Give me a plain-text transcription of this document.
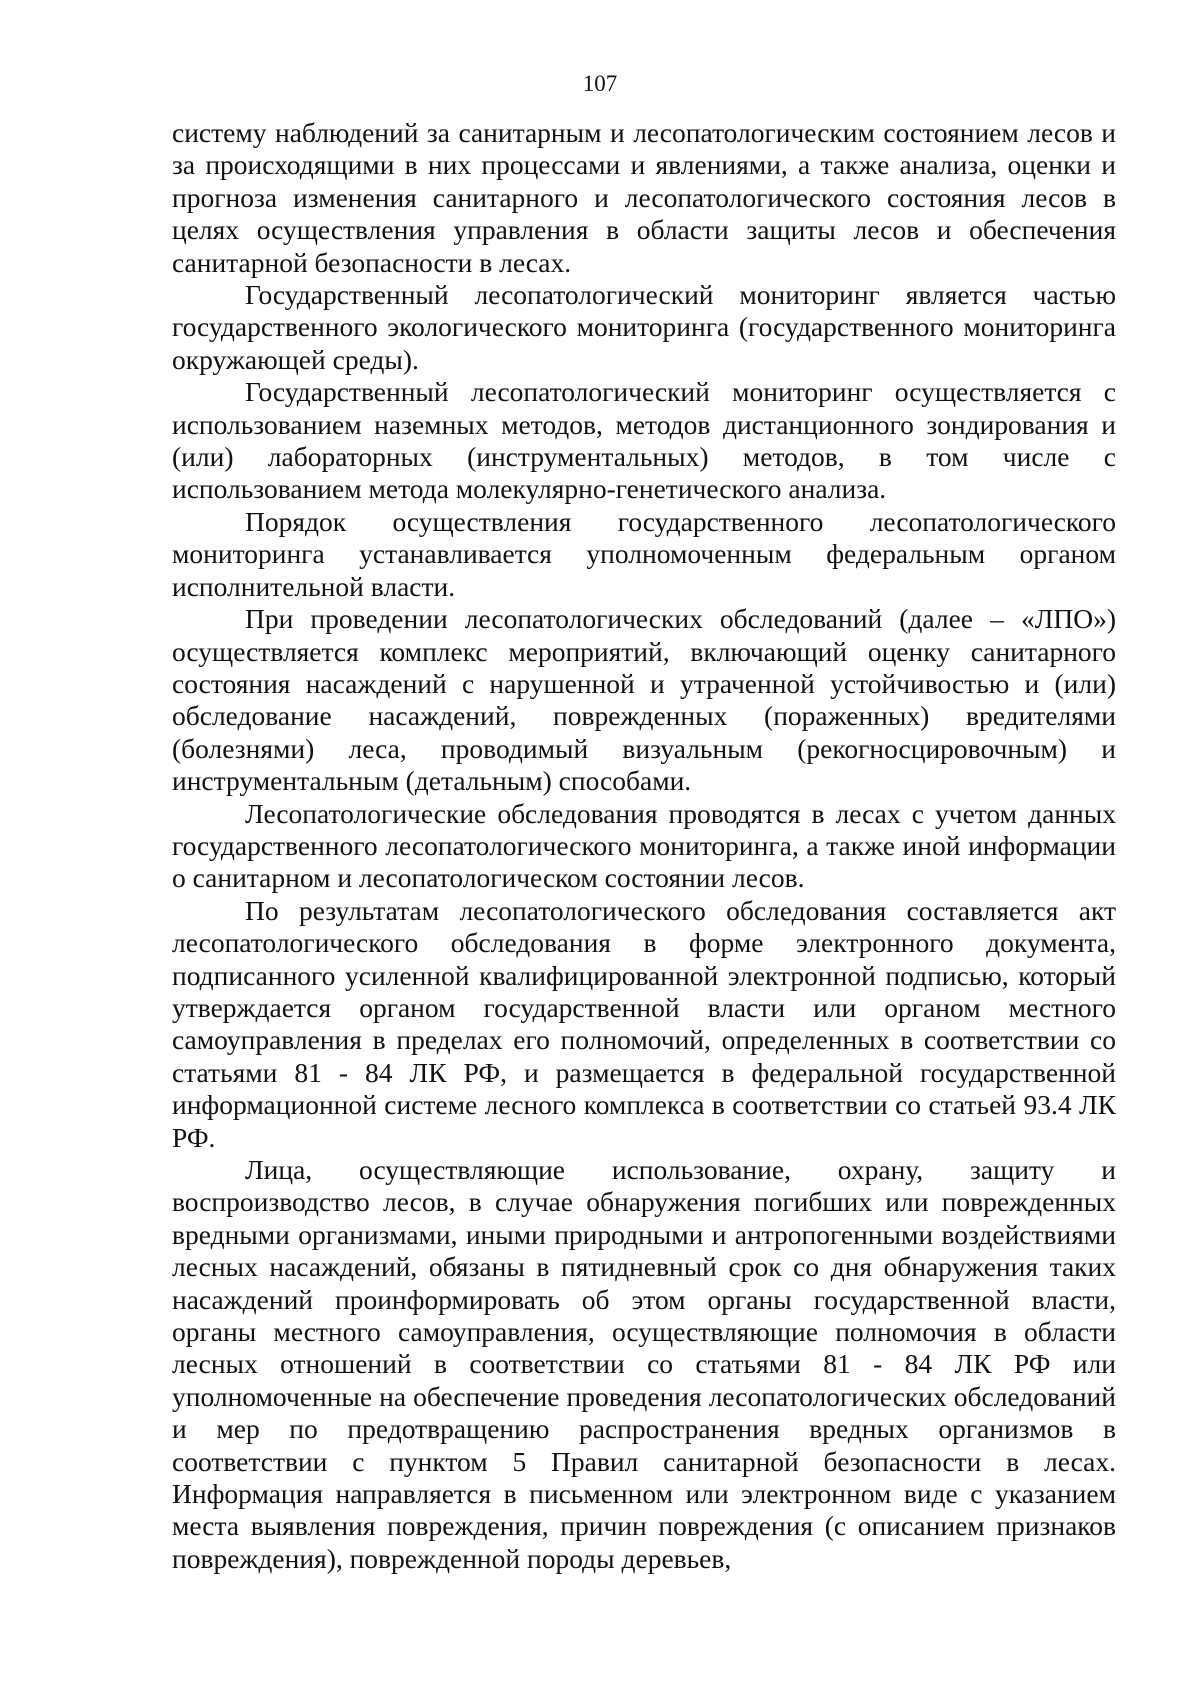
107

системy наблюдений за санитарным и лесопатологическим состоянием лесов и за происходящими в них процессами и явлениями, а также анализа, оценки и прогноза изменения санитарного и лесопатологического состояния лесов в целях осуществления управления в области защиты лесов и обеспечения санитарной безопасности в лесах.

Государственный лесопатологический мониторинг является частью государственного экологического мониторинга (государственного мониторинга окружающей среды).

Государственный лесопатологический мониторинг осуществляется с использованием наземных методов, методов дистанционного зондирования и (или) лабораторных (инструментальных) методов, в том числе с использованием метода молекулярно-генетического анализа.

Порядок осуществления государственного лесопатологического мониторинга устанавливается уполномоченным федеральным органом исполнительной власти.

При проведении лесопатологических обследований (далее – «ЛПО») осуществляется комплекс мероприятий, включающий оценку санитарного состояния насаждений с нарушенной и утраченной устойчивостью и (или) обследование насаждений, поврежденных (пораженных) вредителями (болезнями) леса, проводимый визуальным (рекогносцировочным) и инструментальным (детальным) способами.

Лесопатологические обследования проводятся в лесах с учетом данных государственного лесопатологического мониторинга, а также иной информации о санитарном и лесопатологическом состоянии лесов.

По результатам лесопатологического обследования составляется акт лесопатологического обследования в форме электронного документа, подписанного усиленной квалифицированной электронной подписью, который утверждается органом государственной власти или органом местного самоуправления в пределах его полномочий, определенных в соответствии со статьями 81 - 84 ЛК РФ, и размещается в федеральной государственной информационной системе лесного комплекса в соответствии со статьей 93.4 ЛК РФ.

Лица, осуществляющие использование, охрану, защиту и воспроизводство лесов, в случае обнаружения погибших или поврежденных вредными организмами, иными природными и антропогенными воздействиями лесных насаждений, обязаны в пятидневный срок со дня обнаружения таких насаждений проинформировать об этом органы государственной власти, органы местного самоуправления, осуществляющие полномочия в области лесных отношений в соответствии со статьями 81 - 84 ЛК РФ или уполномоченные на обеспечение проведения лесопатологических обследований и мер по предотвращению распространения вредных организмов в соответствии с пунктом 5 Правил санитарной безопасности в лесах. Информация направляется в письменном или электронном виде с указанием места выявления повреждения, причин повреждения (с описанием признаков повреждения), поврежденной породы деревьев,
